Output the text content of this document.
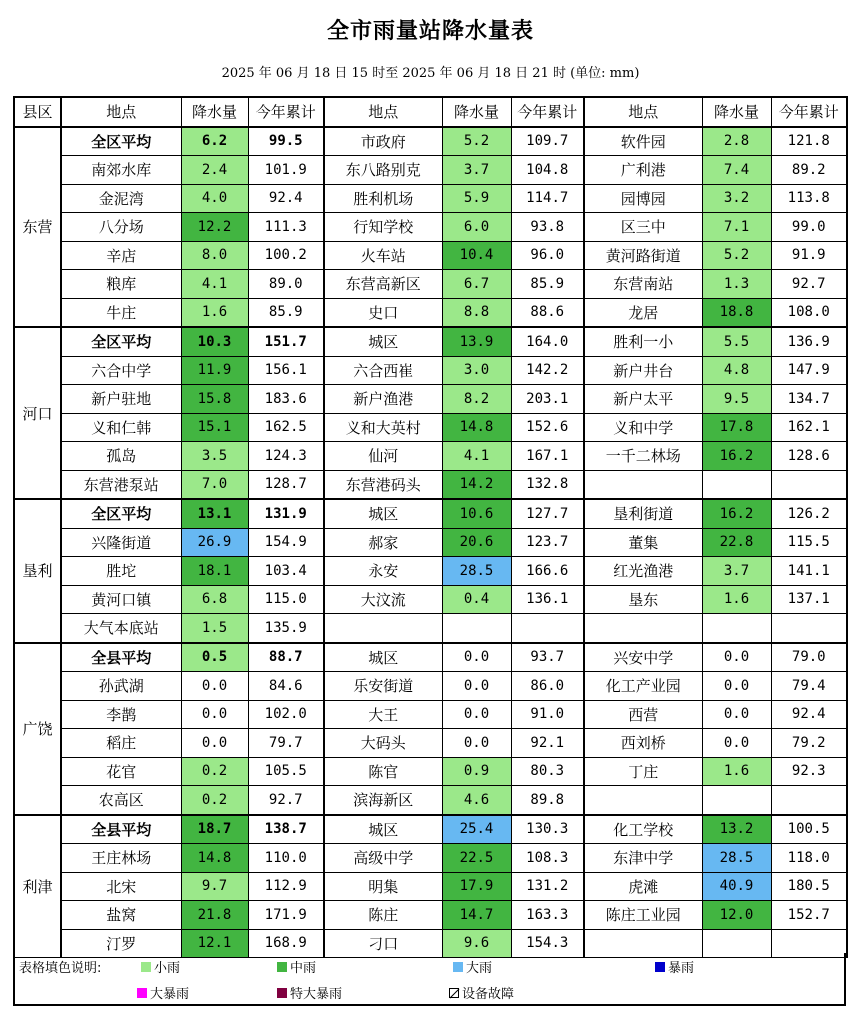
全市雨量站降水量表
2025 年 06 月 18 日 15 时至 2025 年 06 月 18 日 21 时 (单位: mm)
县区	地点	降水量	今年累计	地点	降水量	今年累计	地点	降水量	今年累计
东营	全区平均	6.2	99.5	市政府	5.2	109.7	软件园	2.8	121.8
	南郊水库	2.4	101.9	东八路别克	3.7	104.8	广利港	7.4	89.2
	金泥湾	4.0	92.4	胜利机场	5.9	114.7	园博园	3.2	113.8
	八分场	12.2	111.3	行知学校	6.0	93.8	区三中	7.1	99.0
	辛店	8.0	100.2	火车站	10.4	96.0	黄河路街道	5.2	91.9
	粮库	4.1	89.0	东营高新区	6.7	85.9	东营南站	1.3	92.7
	牛庄	1.6	85.9	史口	8.8	88.6	龙居	18.8	108.0
河口	全区平均	10.3	151.7	城区	13.9	164.0	胜利一小	5.5	136.9
	六合中学	11.9	156.1	六合西崔	3.0	142.2	新户井台	4.8	147.9
	新户驻地	15.8	183.6	新户渔港	8.2	203.1	新户太平	9.5	134.7
	义和仁韩	15.1	162.5	义和大英村	14.8	152.6	义和中学	17.8	162.1
	孤岛	3.5	124.3	仙河	4.1	167.1	一千二林场	16.2	128.6
	东营港泵站	7.0	128.7	东营港码头	14.2	132.8			
垦利	全区平均	13.1	131.9	城区	10.6	127.7	垦利街道	16.2	126.2
	兴隆街道	26.9	154.9	郝家	20.6	123.7	董集	22.8	115.5
	胜坨	18.1	103.4	永安	28.5	166.6	红光渔港	3.7	141.1
	黄河口镇	6.8	115.0	大汶流	0.4	136.1	垦东	1.6	137.1
	大气本底站	1.5	135.9						
广饶	全县平均	0.5	88.7	城区	0.0	93.7	兴安中学	0.0	79.0
	孙武湖	0.0	84.6	乐安街道	0.0	86.0	化工产业园	0.0	79.4
	李鹊	0.0	102.0	大王	0.0	91.0	西营	0.0	92.4
	稻庄	0.0	79.7	大码头	0.0	92.1	西刘桥	0.0	79.2
	花官	0.2	105.5	陈官	0.9	80.3	丁庄	1.6	92.3
	农高区	0.2	92.7	滨海新区	4.6	89.8			
利津	全县平均	18.7	138.7	城区	25.4	130.3	化工学校	13.2	100.5
	王庄林场	14.8	110.0	高级中学	22.5	108.3	东津中学	28.5	118.0
	北宋	9.7	112.9	明集	17.9	131.2	虎滩	40.9	180.5
	盐窝	21.8	171.9	陈庄	14.7	163.3	陈庄工业园	12.0	152.7
	汀罗	12.1	168.9	刁口	9.6	154.3			
表格填色说明:	小雨	中雨	大雨	暴雨
大暴雨	特大暴雨	设备故障
